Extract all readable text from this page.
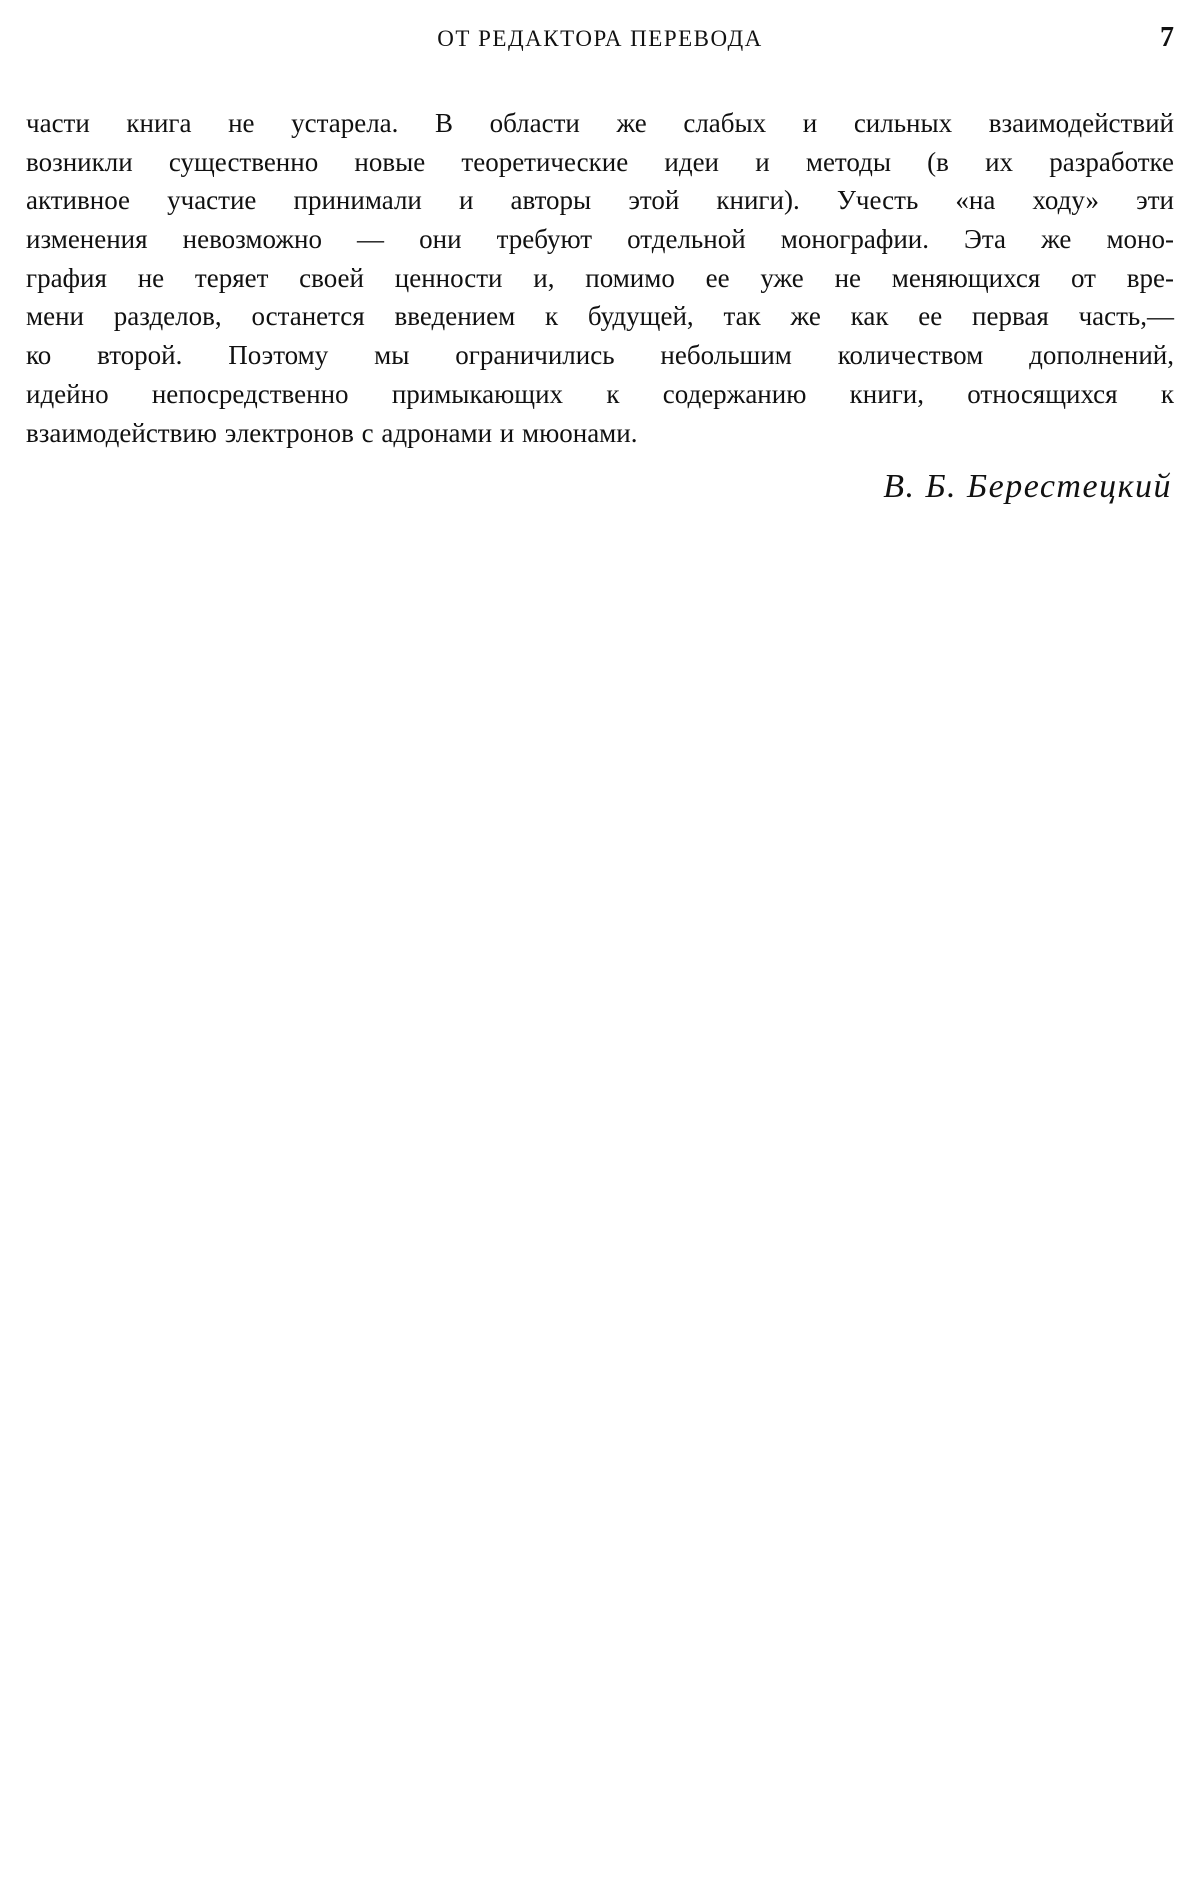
ОТ РЕДАКТОРА ПЕРЕВОДА	7
части книга не устарела. В области же слабых и сильных взаимодействий
возникли существенно новые теоретические идеи и методы (в их разработке
активное участие принимали и авторы этой книги). Учесть «на ходу» эти
изменения невозможно — они требуют отдельной монографии. Эта же моно-
графия не теряет своей ценности и, помимо ее уже не меняющихся от вре-
мени разделов, останется введением к будущей, так же как ее первая часть,—
ко второй. Поэтому мы ограничились небольшим количеством дополнений,
идейно непосредственно примыкающих к содержанию книги, относящихся к
взаимодействию электронов с адронами и мюонами.
В. Б. Берестецкий
